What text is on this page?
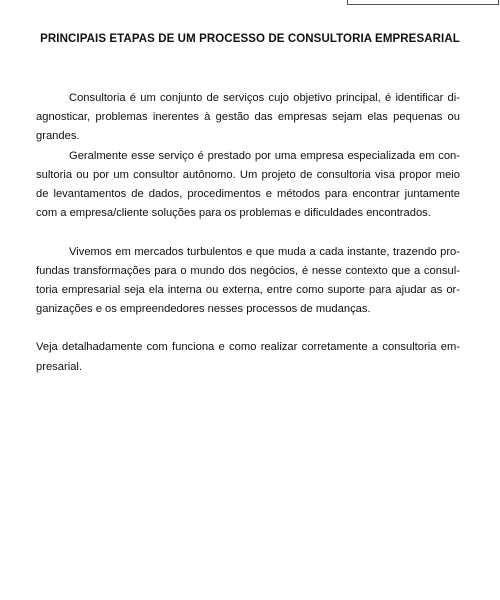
PRINCIPAIS ETAPAS DE UM PROCESSO DE CONSULTORIA EMPRESARIAL
Consultoria é um conjunto de serviços cujo objetivo principal, é identificar di-
agnosticar, problemas inerentes à gestão das empresas sejam elas pequenas ou
grandes.
Geralmente esse serviço é prestado por uma empresa especializada em con-
sultoria ou por um consultor autônomo. Um projeto de consultoria visa propor meio
de levantamentos de dados, procedimentos e métodos para encontrar juntamente
com a empresa/cliente soluções para os problemas e dificuldades encontrados.
Vivemos em mercados turbulentos e que muda a cada instante, trazendo pro-
fundas transformações para o mundo dos negócios, é nesse contexto que a consul-
toria empresarial seja ela interna ou externa, entre como suporte para ajudar as or-
ganizações e os empreendedores nesses processos de mudanças.
Veja detalhadamente com funciona e como realizar corretamente a consultoria em-
presarial.
